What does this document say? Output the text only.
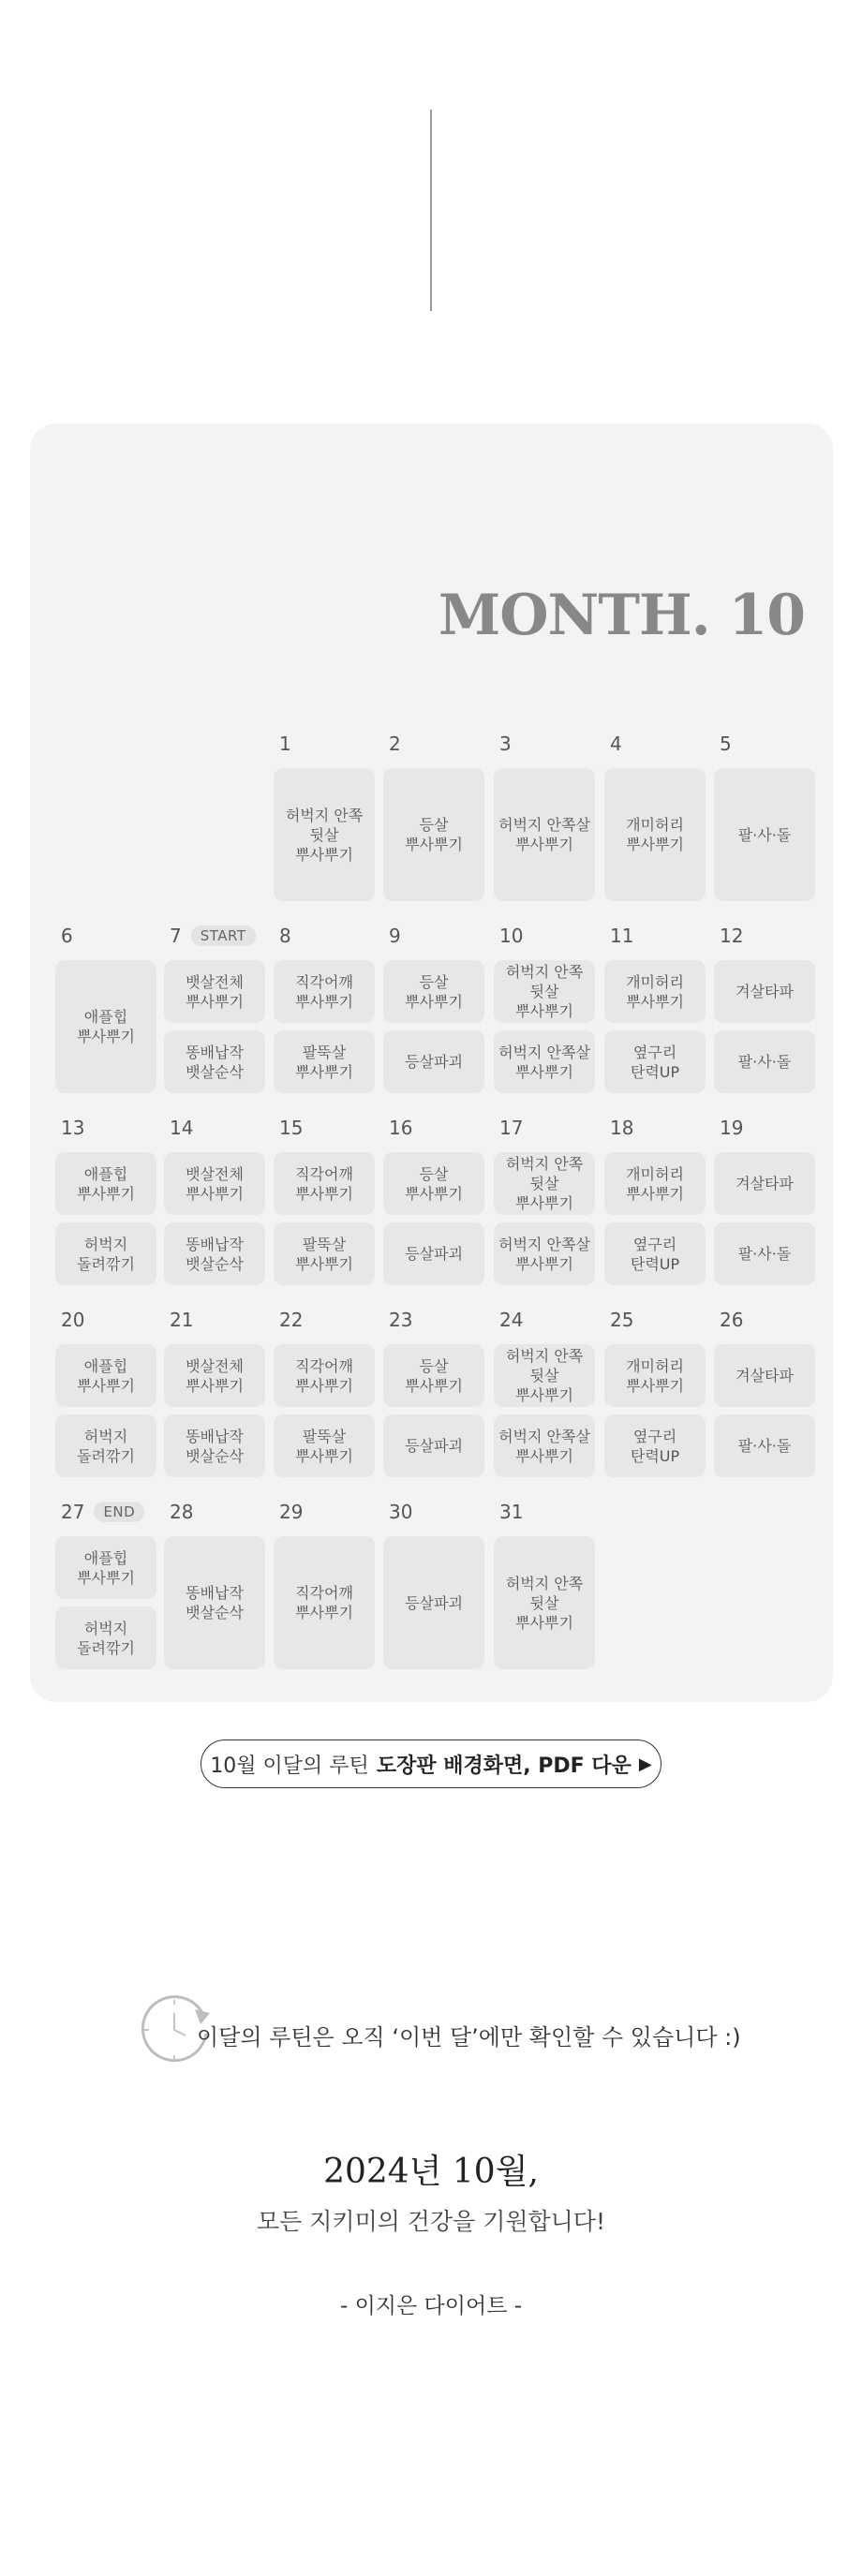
MONTH. 10
1
허벅지 안쪽 뒷살
뿌사뿌기
2
등살
뿌사뿌기
3
허벅지 안쪽살
뿌사뿌기
4
개미허리
뿌사뿌기
5
팔·사·돌
6
애플힙
뿌사뿌기
7 START
뱃살전체
뿌사뿌기
똥배납작
뱃살순삭
8
직각어깨
뿌사뿌기
팔뚝살
뿌사뿌기
9
등살
뿌사뿌기
등살파괴
10
허벅지 안쪽 뒷살
뿌사뿌기
허벅지 안쪽살
뿌사뿌기
11
개미허리
뿌사뿌기
옆구리
탄력UP
12
겨살타파
팔·사·돌
13
애플힙
뿌사뿌기
허벅지
돌려깎기
14
뱃살전체
뿌사뿌기
똥배납작
뱃살순삭
15
직각어깨
뿌사뿌기
팔뚝살
뿌사뿌기
16
등살
뿌사뿌기
등살파괴
17
허벅지 안쪽 뒷살
뿌사뿌기
허벅지 안쪽살
뿌사뿌기
18
개미허리
뿌사뿌기
옆구리
탄력UP
19
겨살타파
팔·사·돌
20
애플힙
뿌사뿌기
허벅지
돌려깎기
21
뱃살전체
뿌사뿌기
똥배납작
뱃살순삭
22
직각어깨
뿌사뿌기
팔뚝살
뿌사뿌기
23
등살
뿌사뿌기
등살파괴
24
허벅지 안쪽 뒷살
뿌사뿌기
허벅지 안쪽살
뿌사뿌기
25
개미허리
뿌사뿌기
옆구리
탄력UP
26
겨살타파
팔·사·돌
27 END
애플힙
뿌사뿌기
허벅지
돌려깎기
28
똥배납작
뱃살순삭
29
직각어깨
뿌사뿌기
30
등살파괴
31
허벅지 안쪽 뒷살
뿌사뿌기
10월 이달의 루틴 도장판 배경화면, PDF 다운 ▶
이달의 루틴은 오직 ‘이번 달’에만 확인할 수 있습니다 :)
2024년 10월,

모든 지키미의 건강을 기원합니다!

- 이지은 다이어트 -
